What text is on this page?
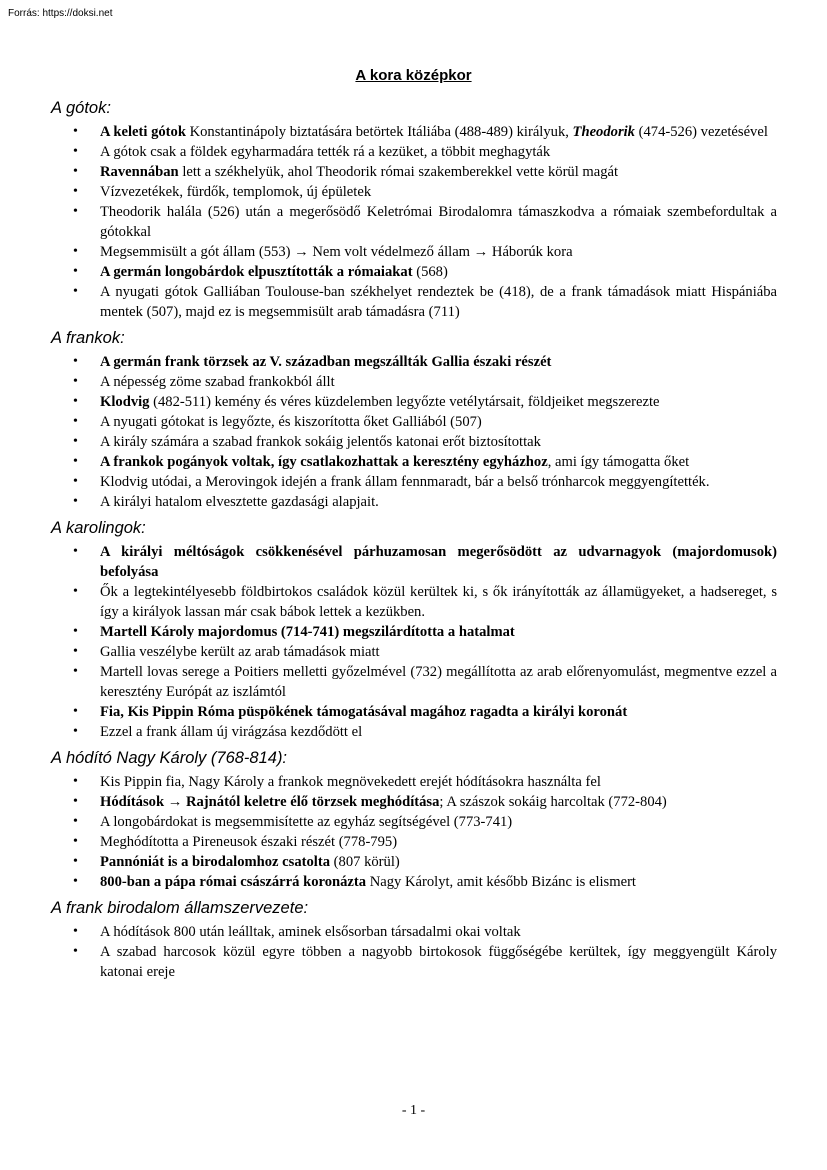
Forrás: https://doksi.net
A kora középkor
A gótok:
• A keleti gótok Konstantinápoly biztatására betörtek Itáliába (488-489) királyuk, Theodorik (474-526) vezetésével
• A gótok csak a földek egyharmadára tették rá a kezüket, a többit meghagyták
• Ravennában lett a székhelyük, ahol Theodorik római szakemberekkel vette körül magát
• Vízvezetékek, fürdők, templomok, új épületek
• Theodorik halála (526) után a megerősödő Keletrómai Birodalomra támaszkodva a rómaiak szembefordultak a gótokkal
• Megsemmisült a gót állam (553) → Nem volt védelmező állam → Háborúk kora
• A germán longobárdok elpusztították a rómaiakat (568)
• A nyugati gótok Galliában Toulouse-ban székhelyet rendeztek be (418), de a frank támadások miatt Hispániába mentek (507), majd ez is megsemmisült arab támadásra (711)
A frankok:
• A germán frank törzsek az V. században megszállták Gallia északi részét
• A népesség zöme szabad frankokból állt
• Klodvig (482-511) kemény és véres küzdelemben legyőzte vetélytársait, földjeiket megszerezte
• A nyugati gótokat is legyőzte, és kiszorította őket Galliából (507)
• A király számára a szabad frankok sokáig jelentős katonai erőt biztosítottak
• A frankok pogányok voltak, így csatlakozhattak a keresztény egyházhoz, ami így támogatta őket
• Klodvig utódai, a Merovingok idején a frank állam fennmaradt, bár a belső trónharcok meggyengítették.
• A királyi hatalom elvesztette gazdasági alapjait.
A karolingok:
• A királyi méltóságok csökkenésével párhuzamosan megerősödött az udvarnagyok (majordomusok) befolyása
• Ők a legtekintélyesebb földbirtokos családok közül kerültek ki, s ők irányították az államügyeket, a hadsereget, s így a királyok lassan már csak bábok lettek a kezükben.
• Martell Károly majordomus (714-741) megszilárdította a hatalmat
• Gallia veszélybe került az arab támadások miatt
• Martell lovas serege a Poitiers melletti győzelmével (732) megállította az arab előrenyomulást, megmentve ezzel a keresztény Európát az iszlámtól
• Fia, Kis Pippin Róma püspökének támogatásával magához ragadta a királyi koronát
• Ezzel a frank állam új virágzása kezdődött el
A hódító Nagy Károly (768-814):
• Kis Pippin fia, Nagy Károly a frankok megnövekedett erejét hódításokra használta fel
• Hódítások → Rajnától keletre élő törzsek meghódítása; A szászok sokáig harcoltak (772-804)
• A longobárdokat is megsemmisítette az egyház segítségével (773-741)
• Meghódította a Pireneusok északi részét (778-795)
• Pannóniát is a birodalomhoz csatolta (807 körül)
• 800-ban a pápa római császárrá koronázta Nagy Károlyt, amit később Bizánc is elismert
A frank birodalom államszervezete:
• A hódítások 800 után leálltak, aminek elsősorban társadalmi okai voltak
• A szabad harcosok közül egyre többen a nagyobb birtokosok függőségébe kerültek, így meggyengült Károly katonai ereje
- 1 -
